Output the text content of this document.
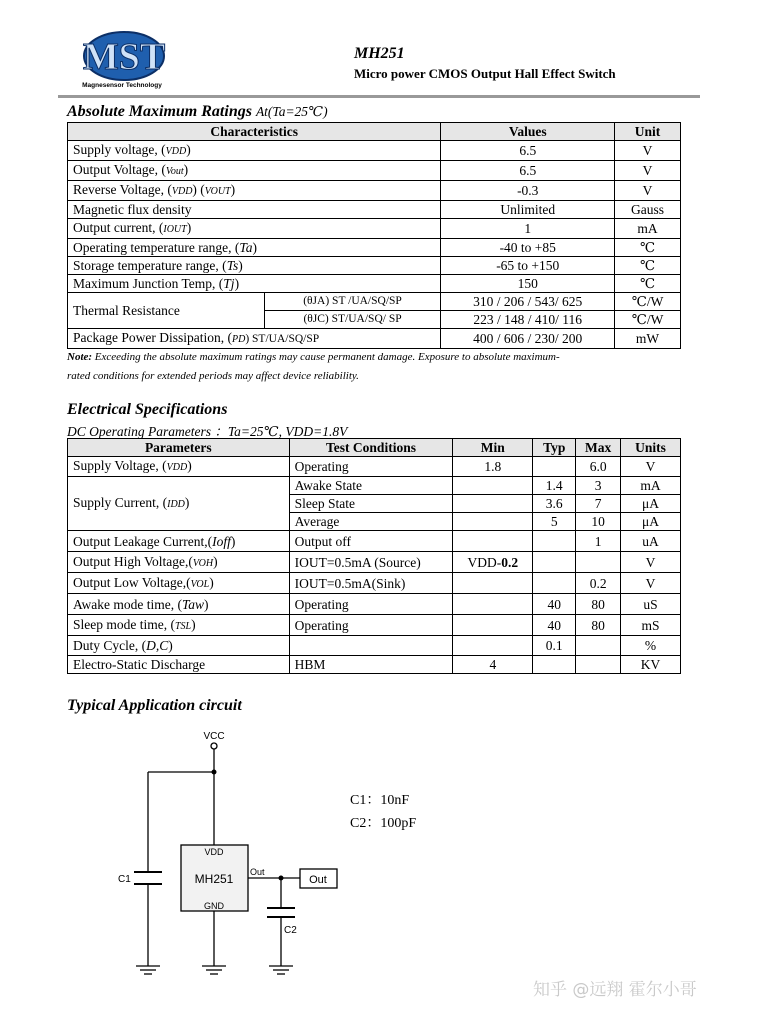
MST
Magnesensor Technology
MH251
Micro power CMOS Output Hall Effect Switch
Absolute Maximum Ratings At(Ta=25℃)
Characteristics		Values	Unit
Supply voltage, (VDD)		6.5	V
Output Voltage, (Vout)		6.5	V
Reverse Voltage, (VDD) (VOUT)		-0.3	V
Magnetic flux density		Unlimited	Gauss
Output current, (IOUT)		1	mA
Operating temperature range, (Ta)		-40 to +85	℃
Storage temperature range, (Ts)		-65 to +150	℃
Maximum Junction Temp, (Tj)		150	℃
Thermal Resistance	(θJA) ST /UA/SQ/SP	310 / 206 / 543/ 625	℃/W
	(θJC) ST/UA/SQ/ SP	223 / 148 / 410/ 116	℃/W
Package Power Dissipation, (PD) ST/UA/SQ/SP		400 / 606 / 230/ 200	mW
Note: Exceeding the absolute maximum ratings may cause permanent damage. Exposure to absolute maximum-
rated conditions for extended periods may affect device reliability.
Electrical Specifications
DC Operating Parameters ：Ta=25℃, VDD=1.8V
Parameters	Test Conditions	Min	Typ	Max	Units
Supply Voltage, (VDD)	Operating	1.8		6.0	V
Supply Current, (IDD)	Awake State		1.4	3	mA
	Sleep State		3.6	7	μA
	Average		5	10	μA
Output Leakage Current,(Ioff)	Output off			1	uA
Output High Voltage,(VOH)	IOUT=0.5mA (Source)	VDD-0.2			V
Output Low Voltage,(VOL)	IOUT=0.5mA(Sink)			0.2	V
Awake mode time, (Taw)	Operating		40	80	uS
Sleep mode time, (TSL)	Operating		40	80	mS
Duty Cycle, (D,C)			0.1		%
Electro-Static Discharge	HBM	4			KV
Typical Application circuit
VCC
VDD
MH251
GND
Out
Out
C1
C2
C1：10nF
C2：100pF
知乎 @远翔 霍尔小哥
